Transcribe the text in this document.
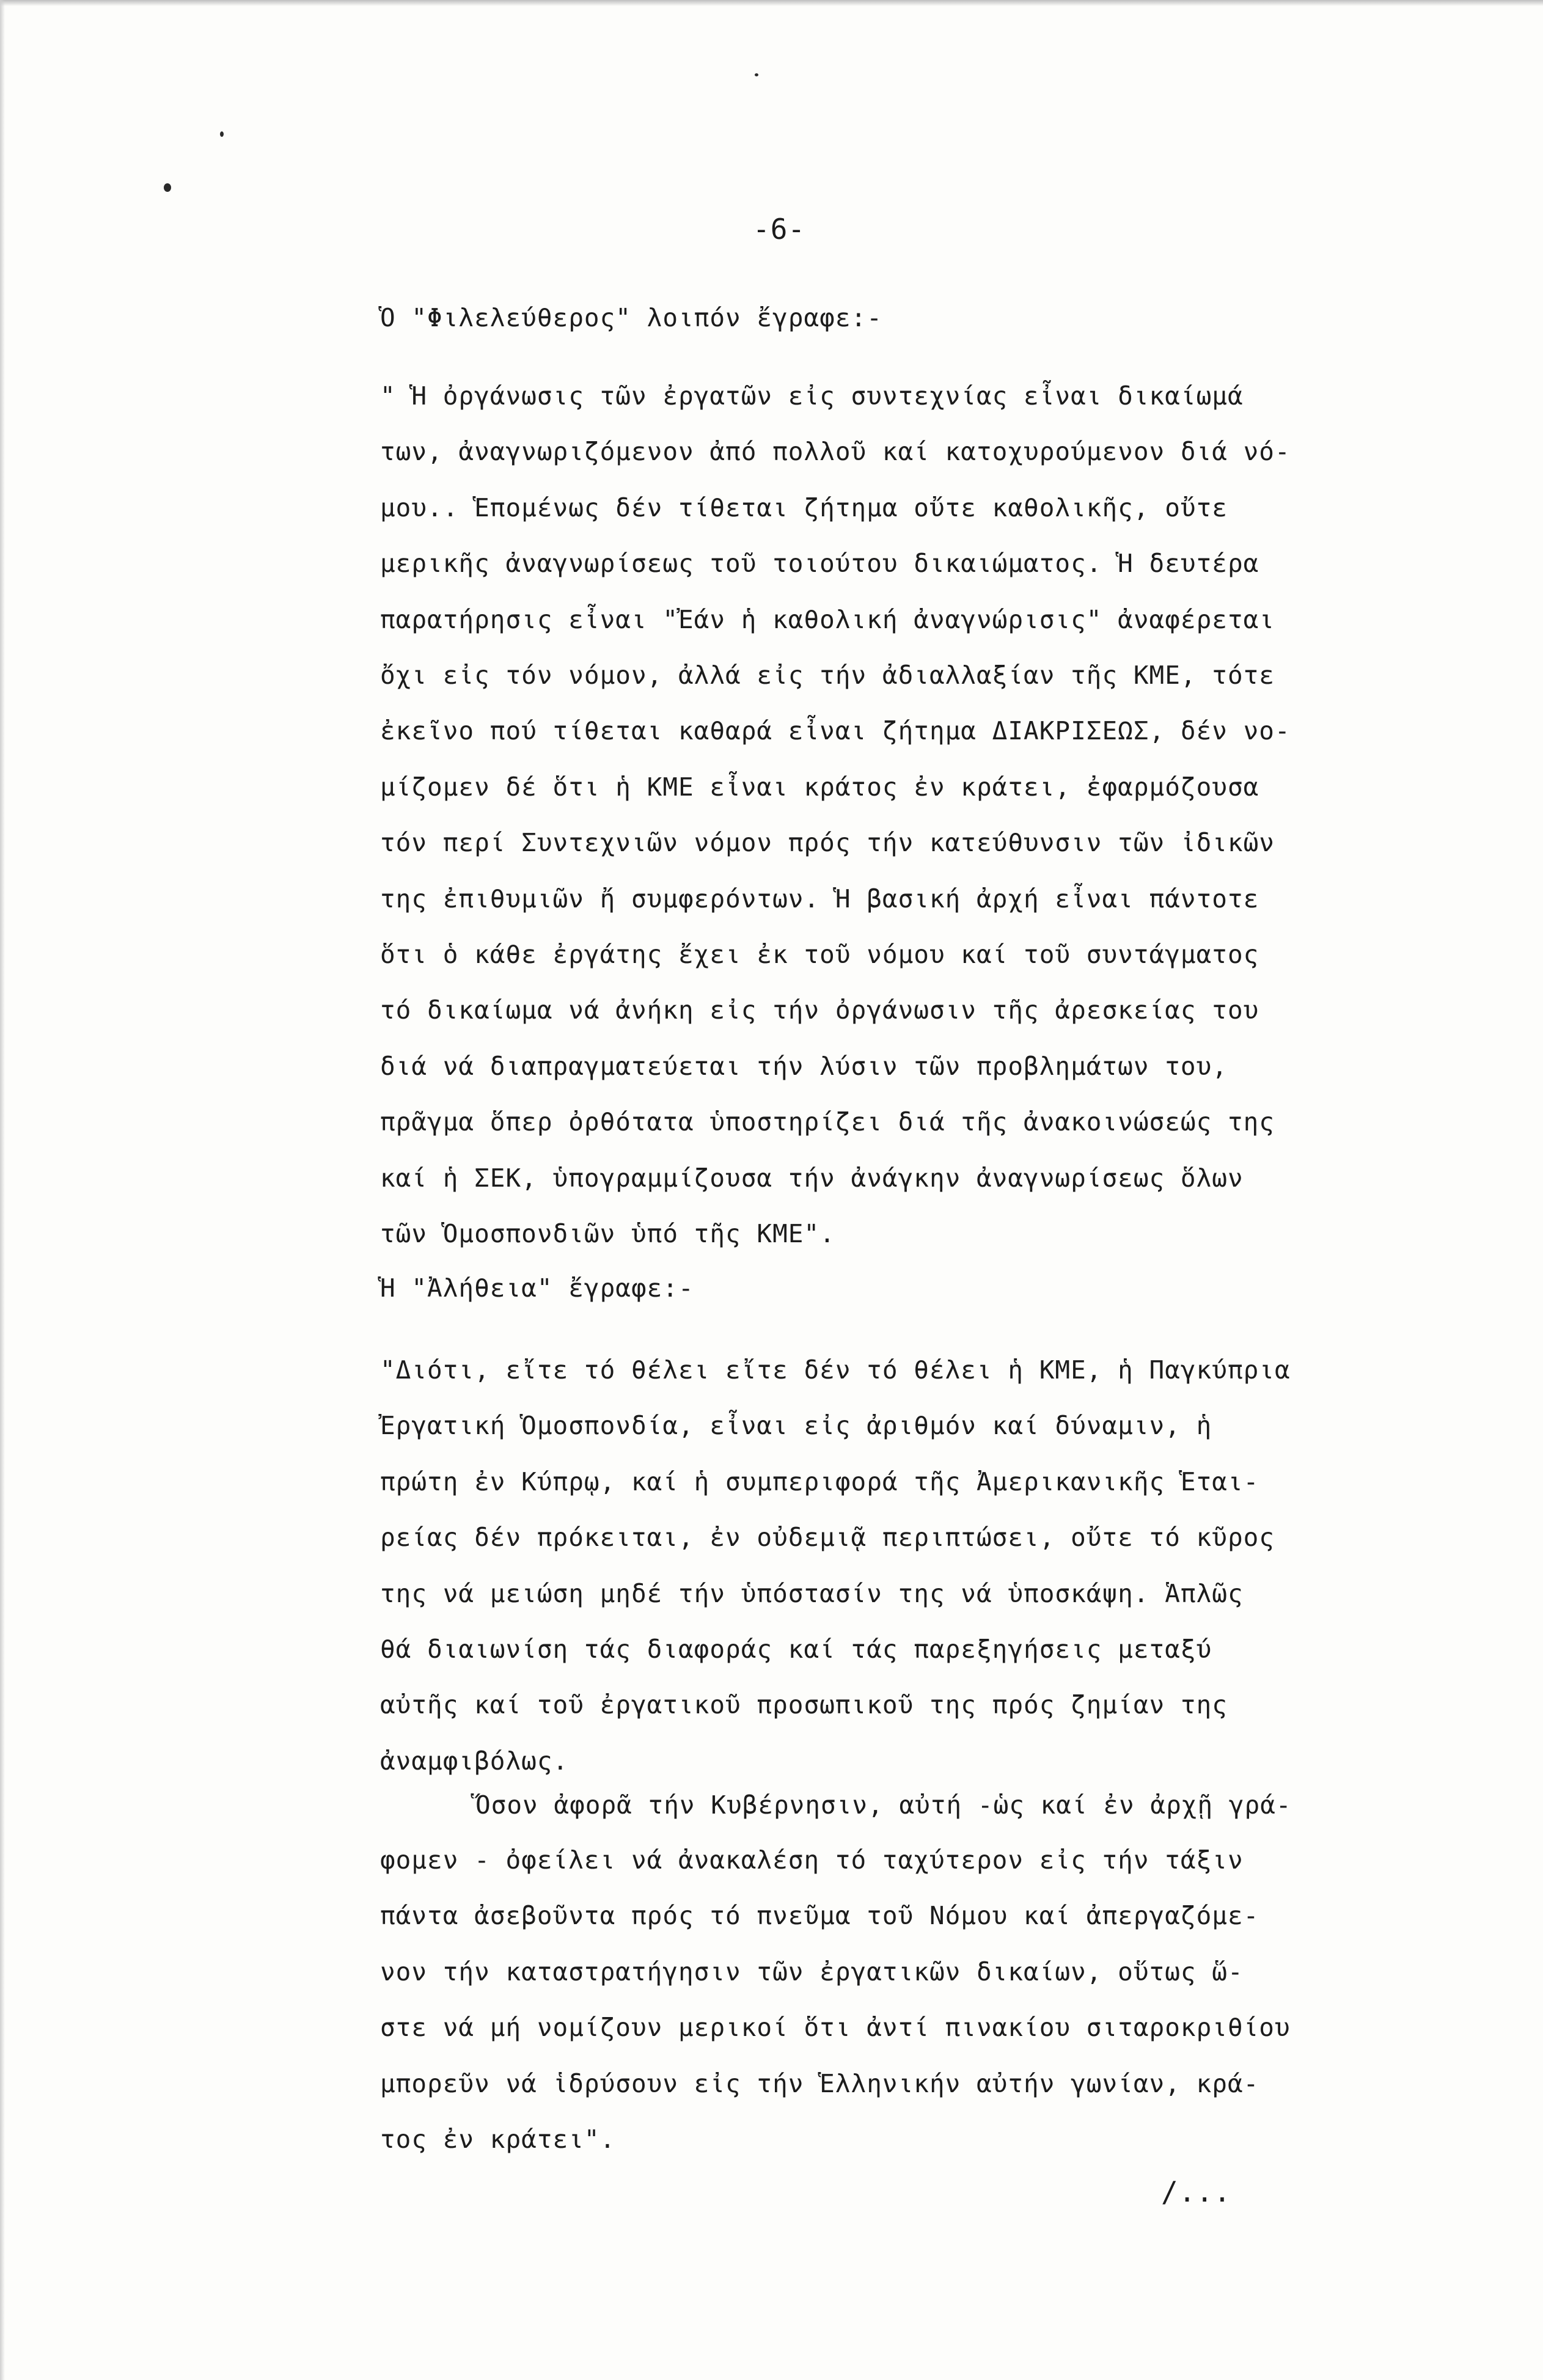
-6-
Ὁ "Φιλελεύθερος" λοιπόν ἔγραφε:-
" Ἡ ὀργάνωσις τῶν ἐργατῶν εἰς συντεχνίας εἶναι δικαίωμά
των, ἀναγνωριζόμενον ἀπό πολλοῦ καί κατοχυρούμενον διά νό-
μου.. Ἑπομένως δέν τίθεται ζήτημα οὔτε καθολικῆς, οὔτε
μερικῆς ἀναγνωρίσεως τοῦ τοιούτου δικαιώματος. Ἡ δευτέρα
παρατήρησις εἶναι "Ἐάν ἡ καθολική ἀναγνώρισις" ἀναφέρεται
ὄχι εἰς τόν νόμον, ἀλλά εἰς τήν ἀδιαλλαξίαν τῆς ΚΜΕ, τότε
ἐκεῖνο πού τίθεται καθαρά εἶναι ζήτημα ΔΙΑΚΡΙΣΕΩΣ, δέν νο-
μίζομεν δέ ὅτι ἡ ΚΜΕ εἶναι κράτος ἐν κράτει, ἐφαρμόζουσα
τόν περί Συντεχνιῶν νόμον πρός τήν κατεύθυνσιν τῶν ἰδικῶν
της ἐπιθυμιῶν ἤ συμφερόντων. Ἡ βασική ἀρχή εἶναι πάντοτε
ὅτι ὁ κάθε ἐργάτης ἔχει ἐκ τοῦ νόμου καί τοῦ συντάγματος
τό δικαίωμα νά ἀνήκη εἰς τήν ὀργάνωσιν τῆς ἀρεσκείας του
διά νά διαπραγματεύεται τήν λύσιν τῶν προβλημάτων του,
πρᾶγμα ὅπερ ὀρθότατα ὑποστηρίζει διά τῆς ἀνακοινώσεώς της
καί ἡ ΣΕΚ, ὑπογραμμίζουσα τήν ἀνάγκην ἀναγνωρίσεως ὅλων
τῶν Ὁμοσπονδιῶν ὑπό τῆς ΚΜΕ".
Ἡ "Ἀλήθεια" ἔγραφε:-
"Διότι, εἴτε τό θέλει εἴτε δέν τό θέλει ἡ ΚΜΕ, ἡ Παγκύπρια
Ἐργατική Ὁμοσπονδία, εἶναι εἰς ἀριθμόν καί δύναμιν, ἡ
πρώτη ἐν Κύπρῳ, καί ἡ συμπεριφορά τῆς Ἀμερικανικῆς Ἑται-
ρείας δέν πρόκειται, ἐν οὐδεμιᾷ περιπτώσει, οὔτε τό κῦρος
της νά μειώση μηδέ τήν ὑπόστασίν της νά ὑποσκάψη. Ἁπλῶς
θά διαιωνίση τάς διαφοράς καί τάς παρεξηγήσεις μεταξύ
αὐτῆς καί τοῦ ἐργατικοῦ προσωπικοῦ της πρός ζημίαν της
ἀναμφιβόλως.
Ὅσον ἀφορᾶ τήν Κυβέρνησιν, αὐτή -ὡς καί ἐν ἀρχῇ γρά-
φομεν - ὀφείλει νά ἀνακαλέση τό ταχύτερον εἰς τήν τάξιν
πάντα ἀσεβοῦντα πρός τό πνεῦμα τοῦ Νόμου καί ἀπεργαζόμε-
νον τήν καταστρατήγησιν τῶν ἐργατικῶν δικαίων, οὕτως ὥ-
στε νά μή νομίζουν μερικοί ὅτι ἀντί πινακίου σιταροκριθίου
μπορεῦν νά ἱδρύσουν εἰς τήν Ἑλληνικήν αὐτήν γωνίαν, κρά-
τος ἐν κράτει".
/...
